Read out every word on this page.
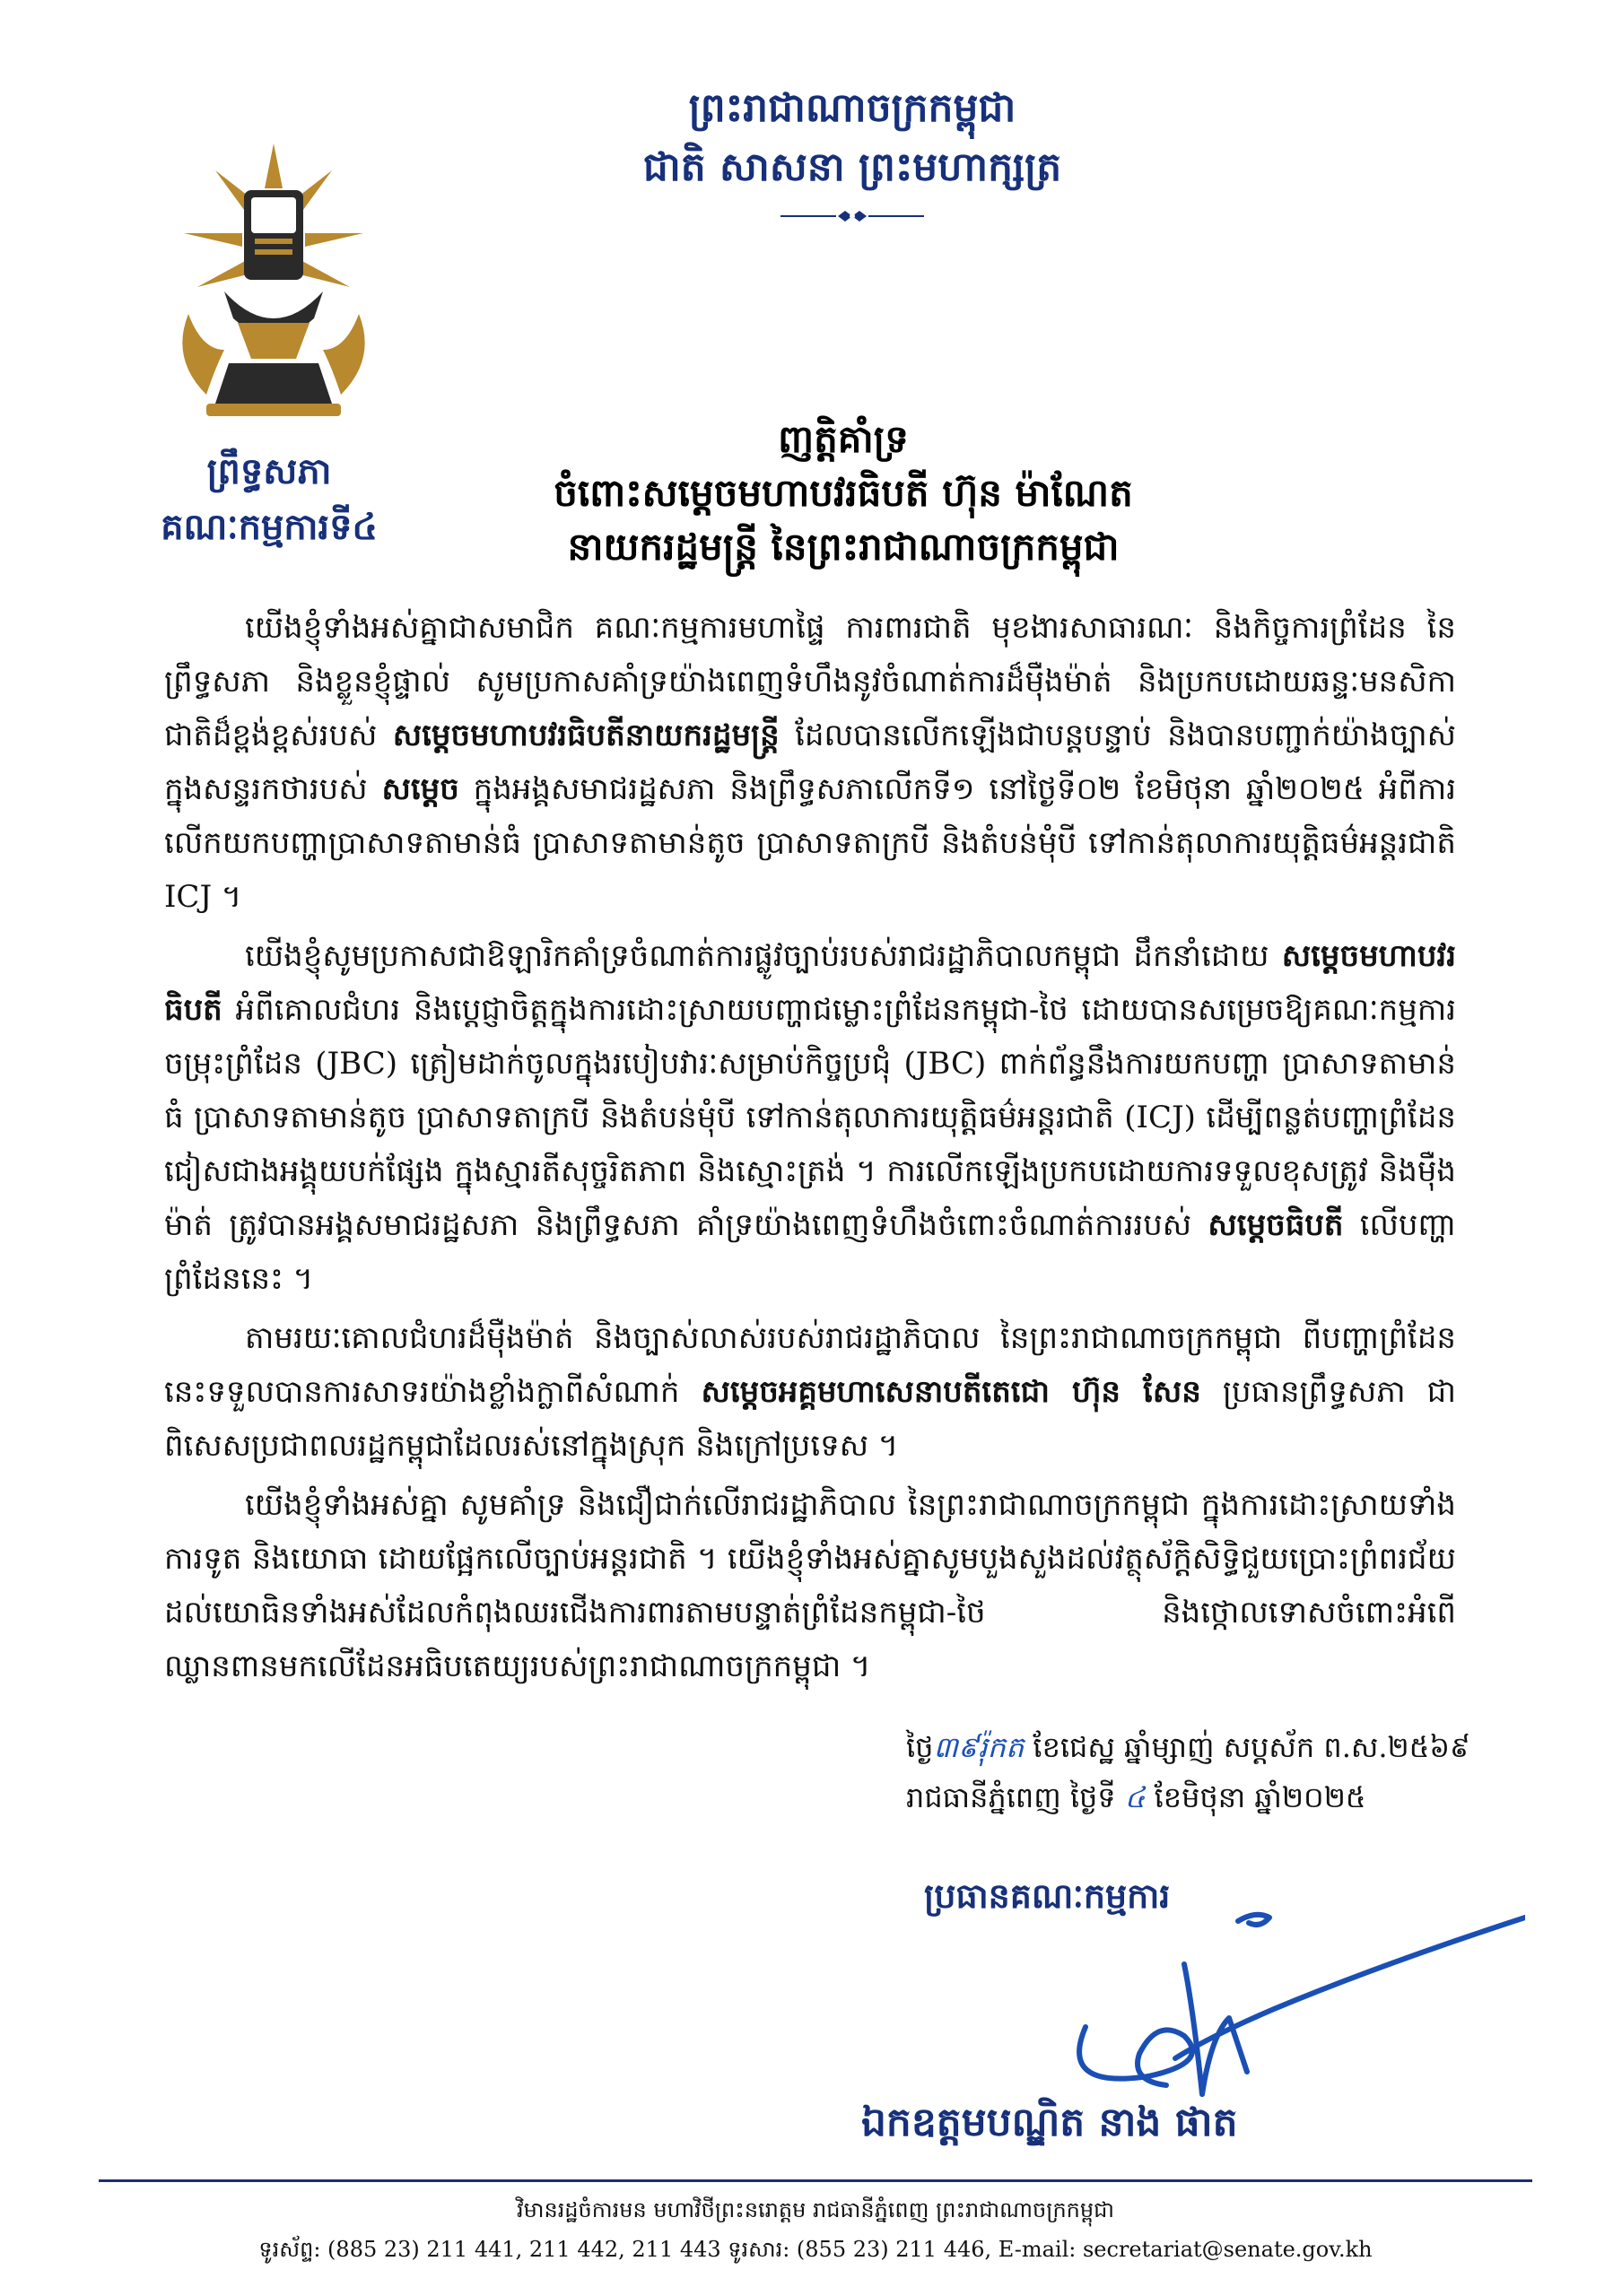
ព្រះរាជាណាចក្រកម្ពុជា
ជាតិ សាសនា ព្រះមហាក្សត្រ
ព្រឹទ្ធសភា
គណៈកម្មការទី៤
ញត្តិគាំទ្រ
ចំពោះសម្តេចមហាបវរធិបតី ហ៊ុន ម៉ាណែត
នាយករដ្ឋមន្ត្រី នៃព្រះរាជាណាចក្រកម្ពុជា

យើងខ្ញុំទាំងអស់គ្នាជាសមាជិក គណៈកម្មការមហាផ្ទៃ ការពារជាតិ មុខងារសាធារណៈ និងកិច្ចការព្រំដែន នៃព្រឹទ្ធសភា និងខ្លួនខ្ញុំផ្ទាល់ សូមប្រកាសគាំទ្រយ៉ាងពេញទំហឹងនូវចំណាត់ការដ៏មុឺងម៉ាត់ និងប្រកបដោយឆន្ទៈមនសិកាជាតិដ៏ខ្ពង់ខ្ពស់របស់ សម្តេចមហាបវរធិបតីនាយករដ្ឋមន្ត្រី ដែលបានលើកឡើងជាបន្តបន្ទាប់ និងបានបញ្ជាក់យ៉ាងច្បាស់ក្នុងសន្ទរកថារបស់ សម្តេច ក្នុងអង្គសមាជរដ្ឋសភា និងព្រឹទ្ធសភាលើកទី១ នៅថ្ងៃទី០២ ខែមិថុនា ឆ្នាំ២០២៥ អំពីការលើកយកបញ្ហាប្រាសាទតាមាន់ធំ ប្រាសាទតាមាន់តូច ប្រាសាទតាក្របី និងតំបន់មុំបី ទៅកាន់តុលាការយុត្តិធម៌អន្តរជាតិ ICJ ។

យើងខ្ញុំសូមប្រកាសជាឱឡារិកគាំទ្រចំណាត់ការផ្លូវច្បាប់របស់រាជរដ្ឋាភិបាលកម្ពុជា ដឹកនាំដោយ សម្តេចមហាបវរធិបតី អំពីគោលជំហរ និងប្តេជ្ញាចិត្តក្នុងការដោះស្រាយបញ្ហាជម្លោះព្រំដែនកម្ពុជា-ថៃ ដោយបានសម្រេចឱ្យគណៈកម្មការចម្រុះព្រំដែន (JBC) ត្រៀមដាក់ចូលក្នុងរបៀបវារៈសម្រាប់កិច្ចប្រជុំ (JBC) ពាក់ព័ន្ធនឹងការយកបញ្ហា ប្រាសាទតាមាន់ធំ ប្រាសាទតាមាន់តូច ប្រាសាទតាក្របី និងតំបន់មុំបី ទៅកាន់តុលាការយុត្តិធម៌អន្តរជាតិ (ICJ) ដើម្បីពន្លត់បញ្ហាព្រំដែន ជៀសជាងអង្គុយបក់ផ្សែង ក្នុងស្មារតីសុច្ចរិតភាព និងស្មោះត្រង់ ។ ការលើកឡើងប្រកបដោយការទទួលខុសត្រូវ និងមុឺងម៉ាត់ ត្រូវបានអង្គសមាជរដ្ឋសភា និងព្រឹទ្ធសភា គាំទ្រយ៉ាងពេញទំហឹងចំពោះចំណាត់ការរបស់ សម្តេចធិបតី លើបញ្ហាព្រំដែននេះ ។

តាមរយៈគោលជំហរដ៏មុឺងម៉ាត់ និងច្បាស់លាស់របស់រាជរដ្ឋាភិបាល នៃព្រះរាជាណាចក្រកម្ពុជា ពីបញ្ហាព្រំដែននេះទទួលបានការសាទរយ៉ាងខ្លាំងក្លាពីសំណាក់ សម្តេចអគ្គមហាសេនាបតីតេជោ ហ៊ុន សែន ប្រធានព្រឹទ្ធសភា ជាពិសេសប្រជាពលរដ្ឋកម្ពុជាដែលរស់នៅក្នុងស្រុក និងក្រៅប្រទេស ។

យើងខ្ញុំទាំងអស់គ្នា សូមគាំទ្រ និងជឿជាក់លើរាជរដ្ឋាភិបាល នៃព្រះរាជាណាចក្រកម្ពុជា ក្នុងការដោះស្រាយទាំងការទូត និងយោធា ដោយផ្អែកលើច្បាប់អន្តរជាតិ ។ យើងខ្ញុំទាំងអស់គ្នាសូមបួងសួងដល់វត្ថុស័ក្តិសិទ្ធិជួយប្រោះព្រំពរជ័យដល់យោធិនទាំងអស់ដែលកំពុងឈរជើងការពារតាមបន្ទាត់ព្រំដែនកម្ពុជា-ថៃ និងថ្កោលទោសចំពោះអំពើឈ្លានពានមកលើដែនអធិបតេយ្យរបស់ព្រះរាជាណាចក្រកម្ពុជា ។

ថ្ងៃ៣៩រ៉ុកត ខែជេស្ឋ ឆ្នាំម្សាញ់ សប្តស័ក ព.ស.២៥៦៩
រាជធានីភ្នំពេញ ថ្ងៃទី ៤ ខែមិថុនា ឆ្នាំ២០២៥
ប្រធានគណៈកម្មការ
ឯកឧត្តមបណ្ឌិត នាង ផាត
វិមានរដ្ឋចំការមន មហាវិថីព្រះនរោត្តម រាជធានីភ្នំពេញ ព្រះរាជាណាចក្រកម្ពុជា
ទូរស័ព្ទ: (885 23) 211 441, 211 442, 211 443 ទូរសារ: (855 23) 211 446, E-mail: secretariat@senate.gov.kh
